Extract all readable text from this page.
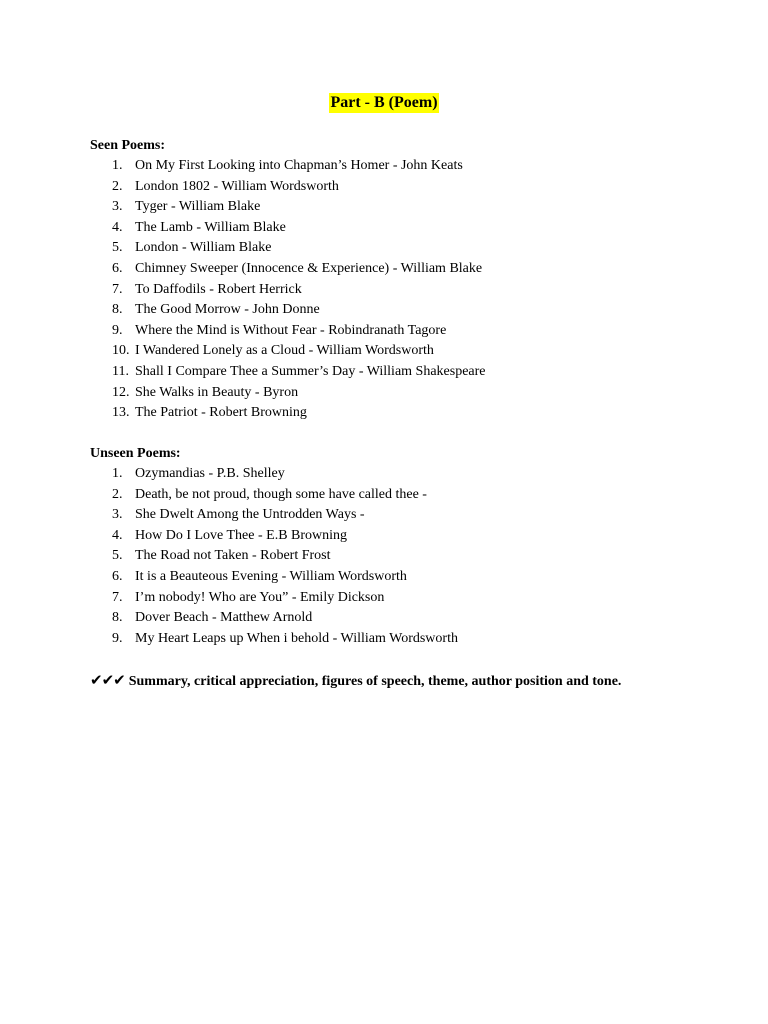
Part - B (Poem)
Seen Poems:
1. On My First Looking into Chapman’s Homer - John Keats
2. London 1802 - William Wordsworth
3. Tyger - William Blake
4. The Lamb - William Blake
5. London - William Blake
6. Chimney Sweeper (Innocence & Experience) - William Blake
7. To Daffodils - Robert Herrick
8. The Good Morrow - John Donne
9. Where the Mind is Without Fear - Robindranath Tagore
10. I Wandered Lonely as a Cloud - William Wordsworth
11. Shall I Compare Thee a Summer’s Day - William Shakespeare
12. She Walks in Beauty - Byron
13. The Patriot - Robert Browning
Unseen Poems:
1. Ozymandias - P.B. Shelley
2. Death, be not proud, though some have called thee -
3. She Dwelt Among the Untrodden Ways -
4. How Do I Love Thee - E.B Browning
5. The Road not Taken - Robert Frost
6. It is a Beauteous Evening - William Wordsworth
7. I’m nobody! Who are You” - Emily Dickson
8. Dover Beach - Matthew Arnold
9. My Heart Leaps up When i behold - William Wordsworth
✔✔✔ Summary, critical appreciation, figures of speech, theme, author position and tone.
